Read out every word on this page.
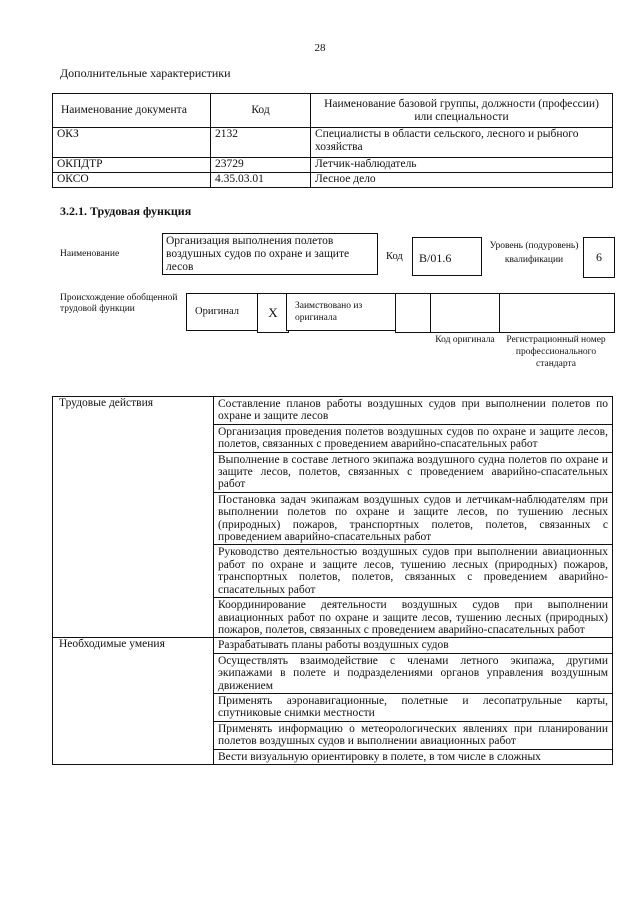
28
Дополнительные характеристики
Наименование документа	Код	Наименование базовой группы, должности (профессии) или специальности
ОКЗ	2132	Специалисты в области сельского, лесного и рыбного хозяйства
ОКПДТР	23729	Летчик-наблюдатель
ОКСО	4.35.03.01	Лесное дело
3.2.1. Трудовая функция
Наименование
Организация выполнения полетов воздушных судов по охране и защите лесов
Код	В/01.6
Уровень (подуровень) квалификации	6
Происхождение обобщенной трудовой функции	Оригинал	X	Заимствовано из оригинала
Код оригинала	Регистрационный номер профессионального стандарта
Трудовые действия	Составление планов работы воздушных судов при выполнении полетов по охране и защите лесов
	Организация проведения полетов воздушных судов по охране и защите лесов, полетов, связанных с проведением аварийно-спасательных работ
	Выполнение в составе летного экипажа воздушного судна полетов по охране и защите лесов, полетов, связанных с проведением аварийно-спасательных работ
	Постановка задач экипажам воздушных судов и летчикам-наблюдателям при выполнении полетов по охране и защите лесов, по тушению лесных (природных) пожаров, транспортных полетов, полетов, связанных с проведением аварийно-спасательных работ
	Руководство деятельностью воздушных судов при выполнении авиационных работ по охране и защите лесов, тушению лесных (природных) пожаров, транспортных полетов, полетов, связанных с проведением аварийно-спасательных работ
	Координирование деятельности воздушных судов при выполнении авиационных работ по охране и защите лесов, тушению лесных (природных) пожаров, полетов, связанных с проведением аварийно-спасательных работ
Необходимые умения	Разрабатывать планы работы воздушных судов
	Осуществлять взаимодействие с членами летного экипажа, другими экипажами в полете и подразделениями органов управления воздушным движением
	Применять аэронавигационные, полетные и лесопатрульные карты, спутниковые снимки местности
	Применять информацию о метеорологических явлениях при планировании полетов воздушных судов и выполнении авиационных работ
	Вести визуальную ориентировку в полете, в том числе в сложных
